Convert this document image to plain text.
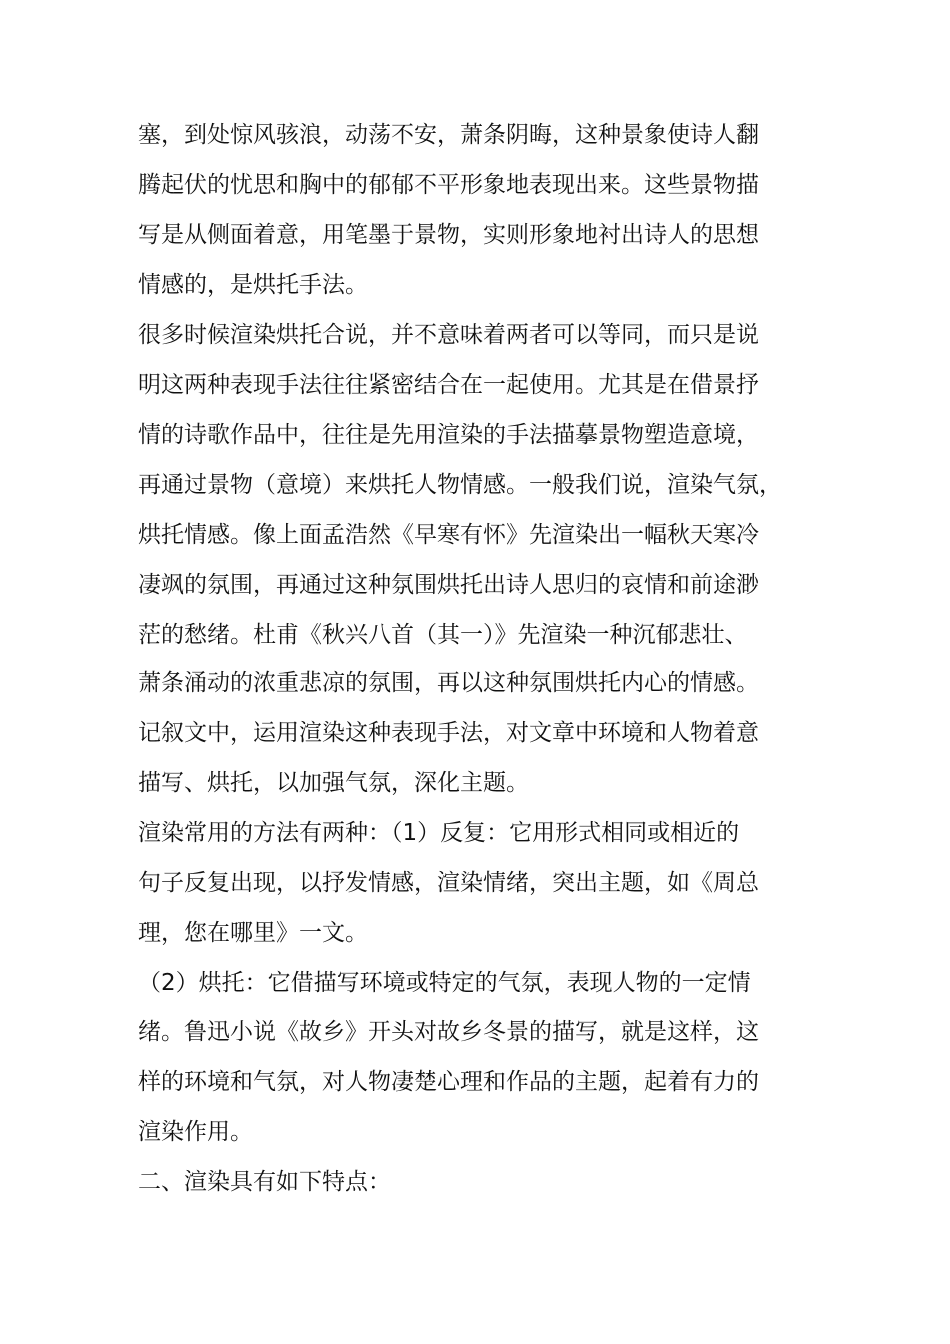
塞，到处惊风骇浪，动荡不安，萧条阴晦，这种景象使诗人翻

腾起伏的忧思和胸中的郁郁不平形象地表现出来。这些景物描

写是从侧面着意，用笔墨于景物，实则形象地衬出诗人的思想

情感的，是烘托手法。

很多时候渲染烘托合说，并不意味着两者可以等同，而只是说

明这两种表现手法往往紧密结合在一起使用。尤其是在借景抒

情的诗歌作品中，往往是先用渲染的手法描摹景物塑造意境，

再通过景物（意境）来烘托人物情感。一般我们说，渲染气氛，

烘托情感。像上面孟浩然《早寒有怀》先渲染出一幅秋天寒冷

凄飒的氛围，再通过这种氛围烘托出诗人思归的哀情和前途渺

茫的愁绪。杜甫《秋兴八首（其一）》先渲染一种沉郁悲壮、

萧条涌动的浓重悲凉的氛围，再以这种氛围烘托内心的情感。

记叙文中，运用渲染这种表现手法，对文章中环境和人物着意

描写、烘托，以加强气氛，深化主题。

渲染常用的方法有两种：（1）反复：它用形式相同或相近的

句子反复出现，以抒发情感，渲染情绪，突出主题，如《周总

理，您在哪里》一文。

（2）烘托：它借描写环境或特定的气氛，表现人物的一定情

绪。鲁迅小说《故乡》开头对故乡冬景的描写，就是这样，这

样的环境和气氛，对人物凄楚心理和作品的主题，起着有力的

渲染作用。

二、渲染具有如下特点：
